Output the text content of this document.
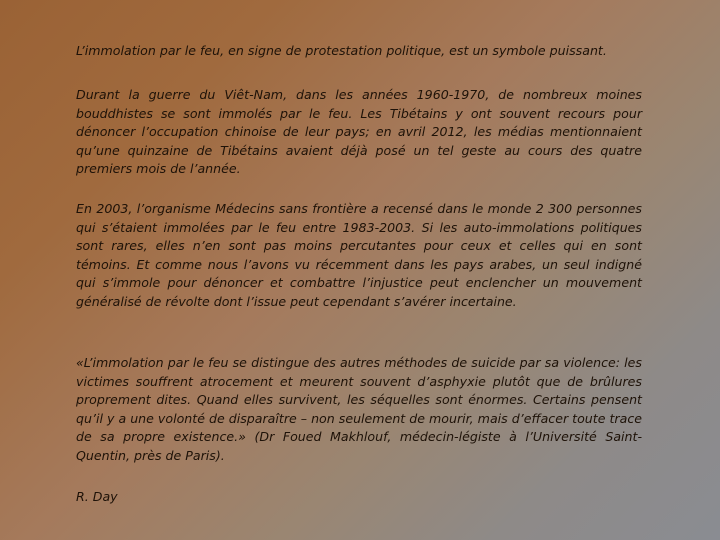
L’immolation par le feu, en signe de protestation politique, est un symbole puissant.

Durant la guerre du Viêt-Nam, dans les années 1960-1970, de nombreux moines bouddhistes se sont immolés par le feu. Les Tibétains y ont souvent recours pour dénoncer l’occupation chinoise de leur pays; en avril 2012, les médias mentionnaient qu’une quinzaine de Tibétains avaient déjà posé un tel geste au cours des quatre premiers mois de l’année.

En 2003, l’organisme Médecins sans frontière a recensé dans le monde 2 300 personnes qui s’étaient immolées par le feu entre 1983-2003. Si les auto-immolations politiques sont rares, elles n’en sont pas moins percutantes pour ceux et celles qui en sont témoins. Et comme nous l’avons vu récemment dans les pays arabes, un seul indigné qui s’immole pour dénoncer et combattre l’injustice peut enclencher un mouvement généralisé de révolte dont l’issue peut cependant s’avérer incertaine.

«L’immolation par le feu se distingue des autres méthodes de suicide par sa violence: les victimes souffrent atrocement et meurent souvent d’asphyxie plutôt que de brûlures proprement dites. Quand elles survivent, les séquelles sont énormes. Certains pensent qu’il y a une volonté de disparaître – non seulement de mourir, mais d’effacer toute trace de sa propre existence.» (Dr Foued Makhlouf, médecin-légiste à l’Université Saint-Quentin, près de Paris).

R. Day
